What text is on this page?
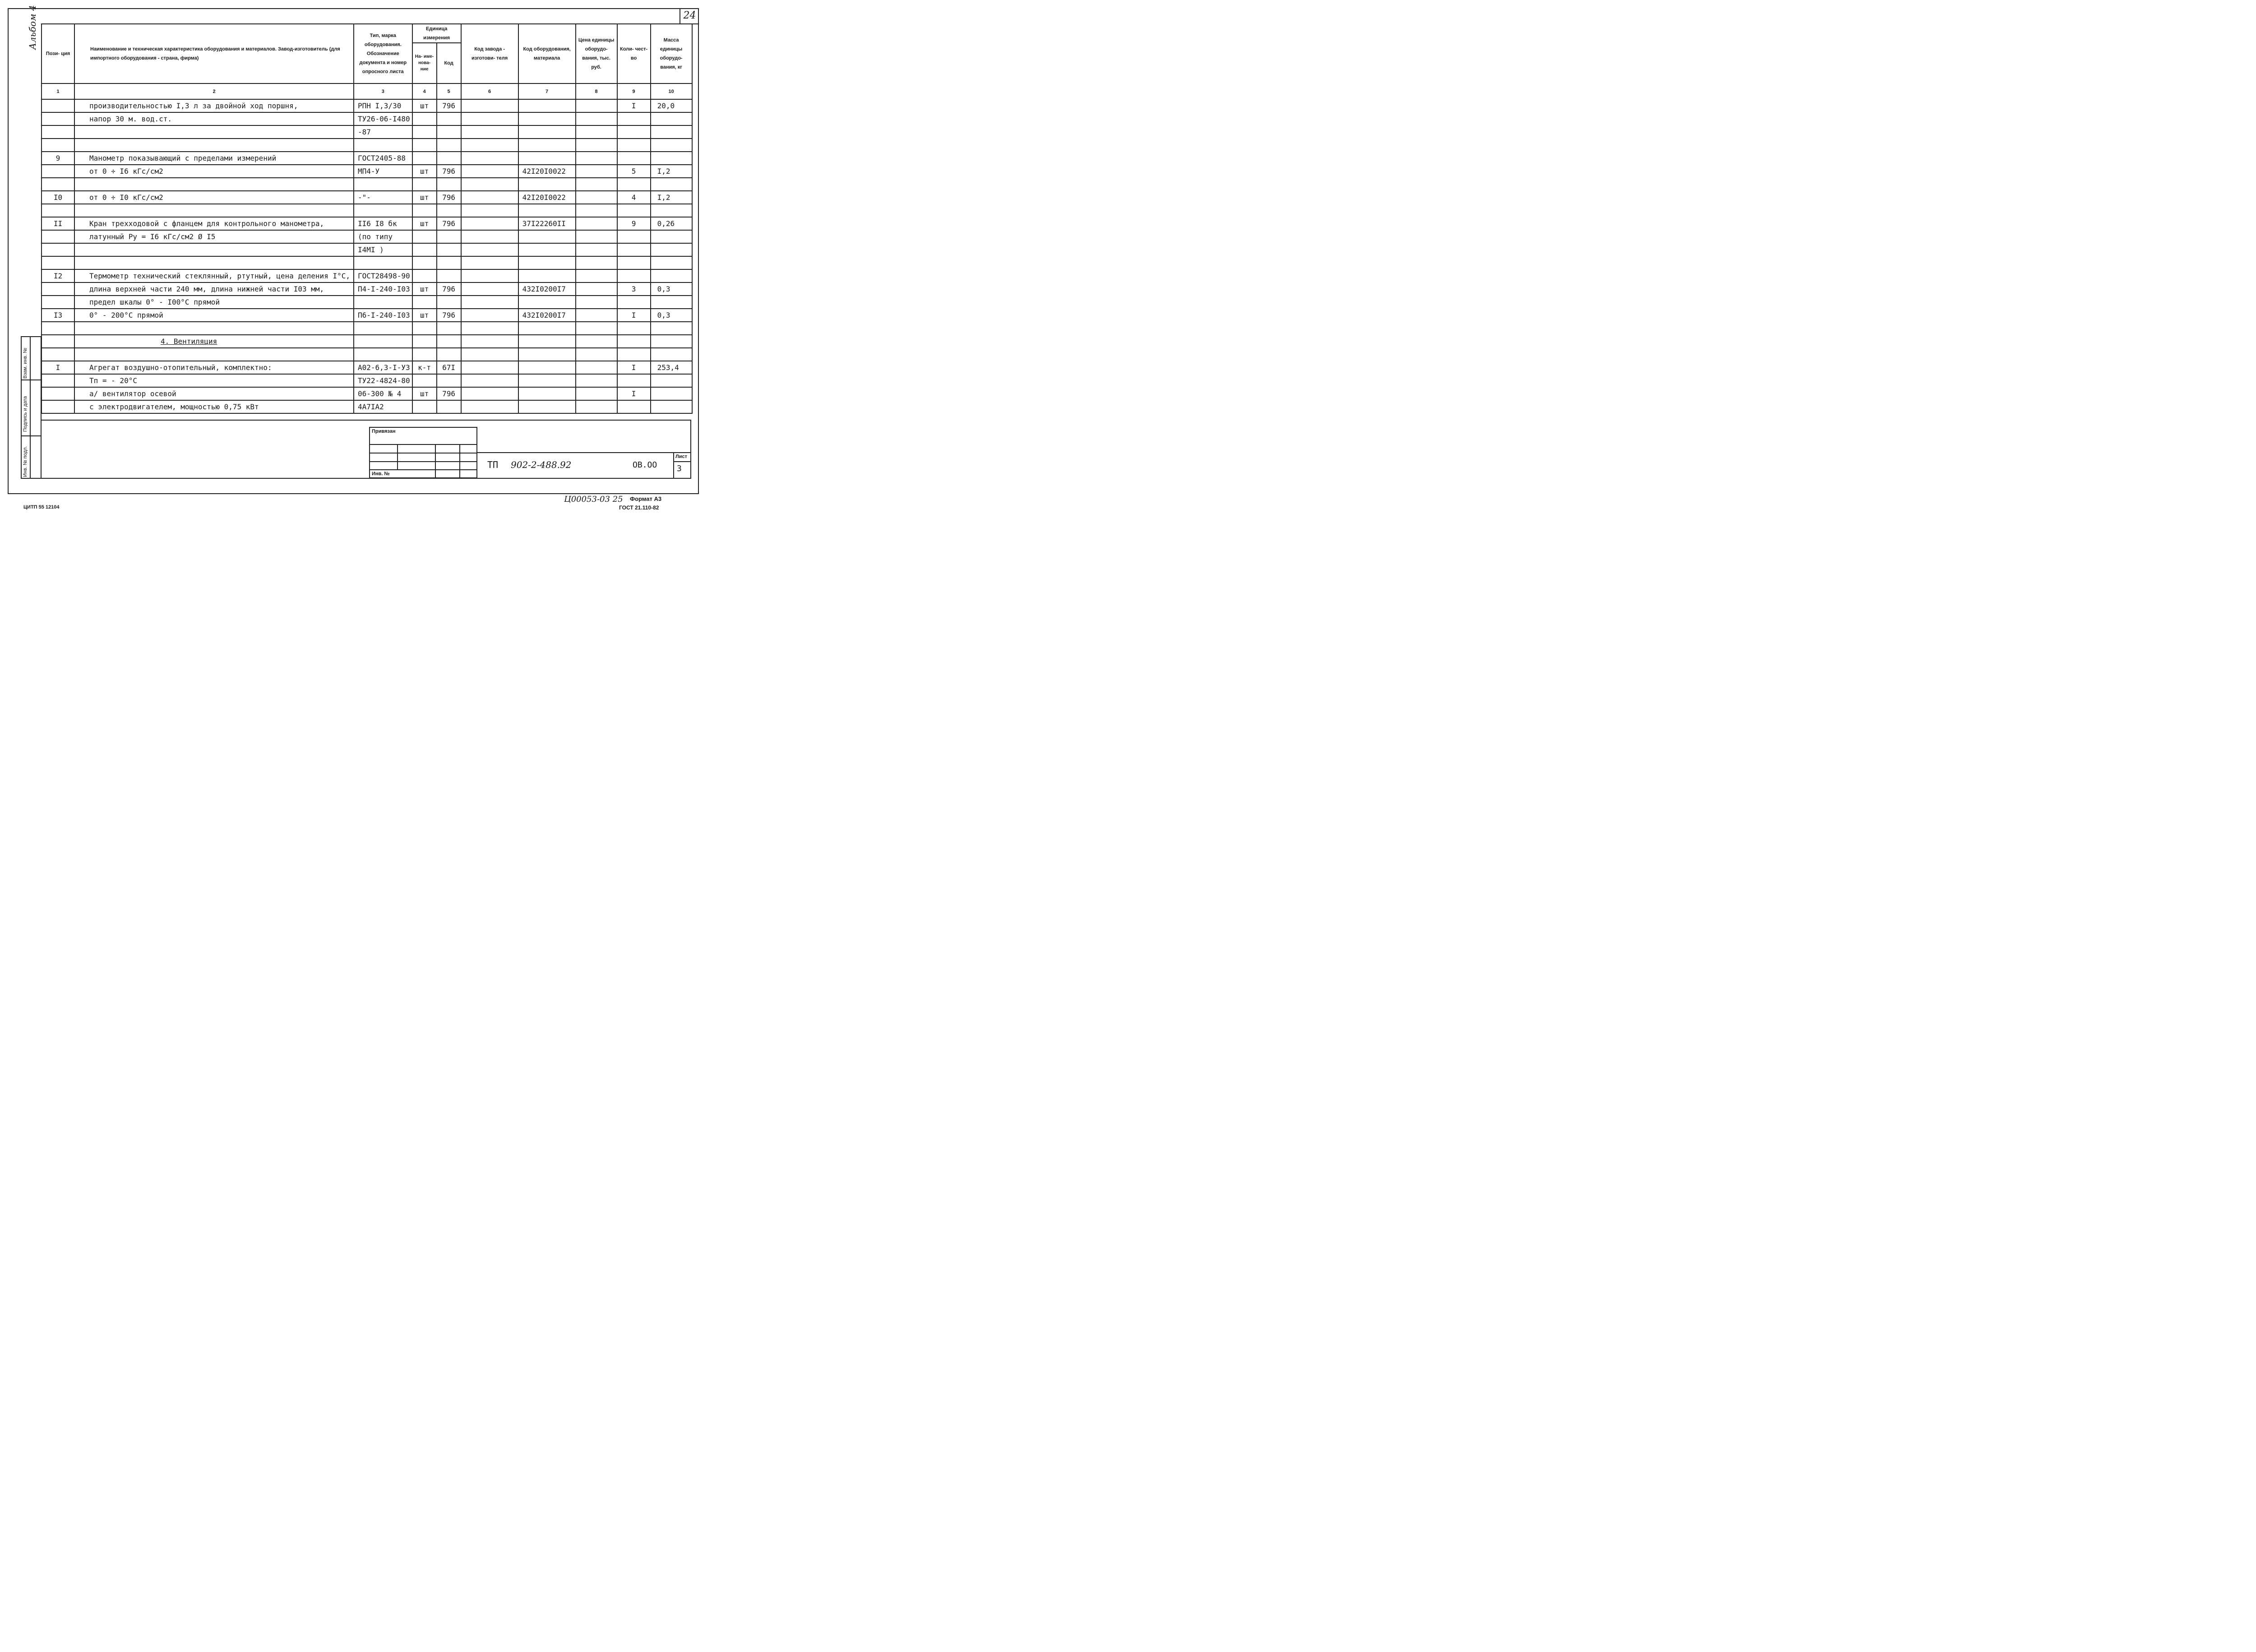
24
Альбом 4
Взам. инв. №
Подпись и дата
Инв. № подл.
Пози- ция	Наименование и техническая характеристика оборудования и материалов. Завод-изготовитель (для импортного оборудования - страна, фирма)	Тип, марка оборудования. Обозначение документа и номер опросного листа	Единица измерения		Код завода - изготови- теля	Код оборудования, материала	Цена единицы оборудо- вания, тыс. руб.	Коли- чест- во	Масса единицы оборудо- вания, кг
			На- име- нова- ние	Код					
1	2	3	4	5	6	7	8	9	10
	производительностью I,3 л за двойной ход поршня,	РПН I,3/30	шт	796				I	20,0
	напор 30 м. вод.ст.	ТУ26-06-I480							
		-87							

9	Манометр показывающий с пределами измерений	ГОСТ2405-88							
	от 0 ÷ I6 кГс/см2	МП4-У	шт	796		42I20I0022		5	I,2

I0	от 0 ÷ I0 кГс/см2	-"-	шт	796		42I20I0022		4	I,2

II	Кран трехходовой с фланцем для контрольного манометра,	II6 I8 бк	шт	796		37I22260II		9	0,26
	латунный Ру = I6 кГс/см2 Ø I5	(по типу							
		I4МI )							

I2	Термометр технический стеклянный, ртутный, цена деления I°С,	ГОСТ28498-90							
	длина верхней части 240 мм, длина нижней части I03 мм,	П4-I-240-I03	шт	796		432I0200I7		3	0,3
	предел шкалы 0° - I00°С прямой								
I3	0° - 200°С прямой	П6-I-240-I03	шт	796		432I0200I7		I	0,3

	4. Вентиляция								

I	Агрегат воздушно-отопительный, комплектно:	А02-6,3-I-У3	к-т	67I				I	253,4
	Tп = - 20°С	ТУ22-4824-80							
	а/ вентилятор осевой	06-300 № 4	шт	796				I	
	с электродвигателем, мощностью 0,75 кВт	4А7IА2							
Привязан
Инв. №
ТП 902-2-488.92	ОВ.ОО
Лист
3
Ц00053-03 25 Формат А3
ГОСТ 21.110-82
ЦИТП 55 12104
